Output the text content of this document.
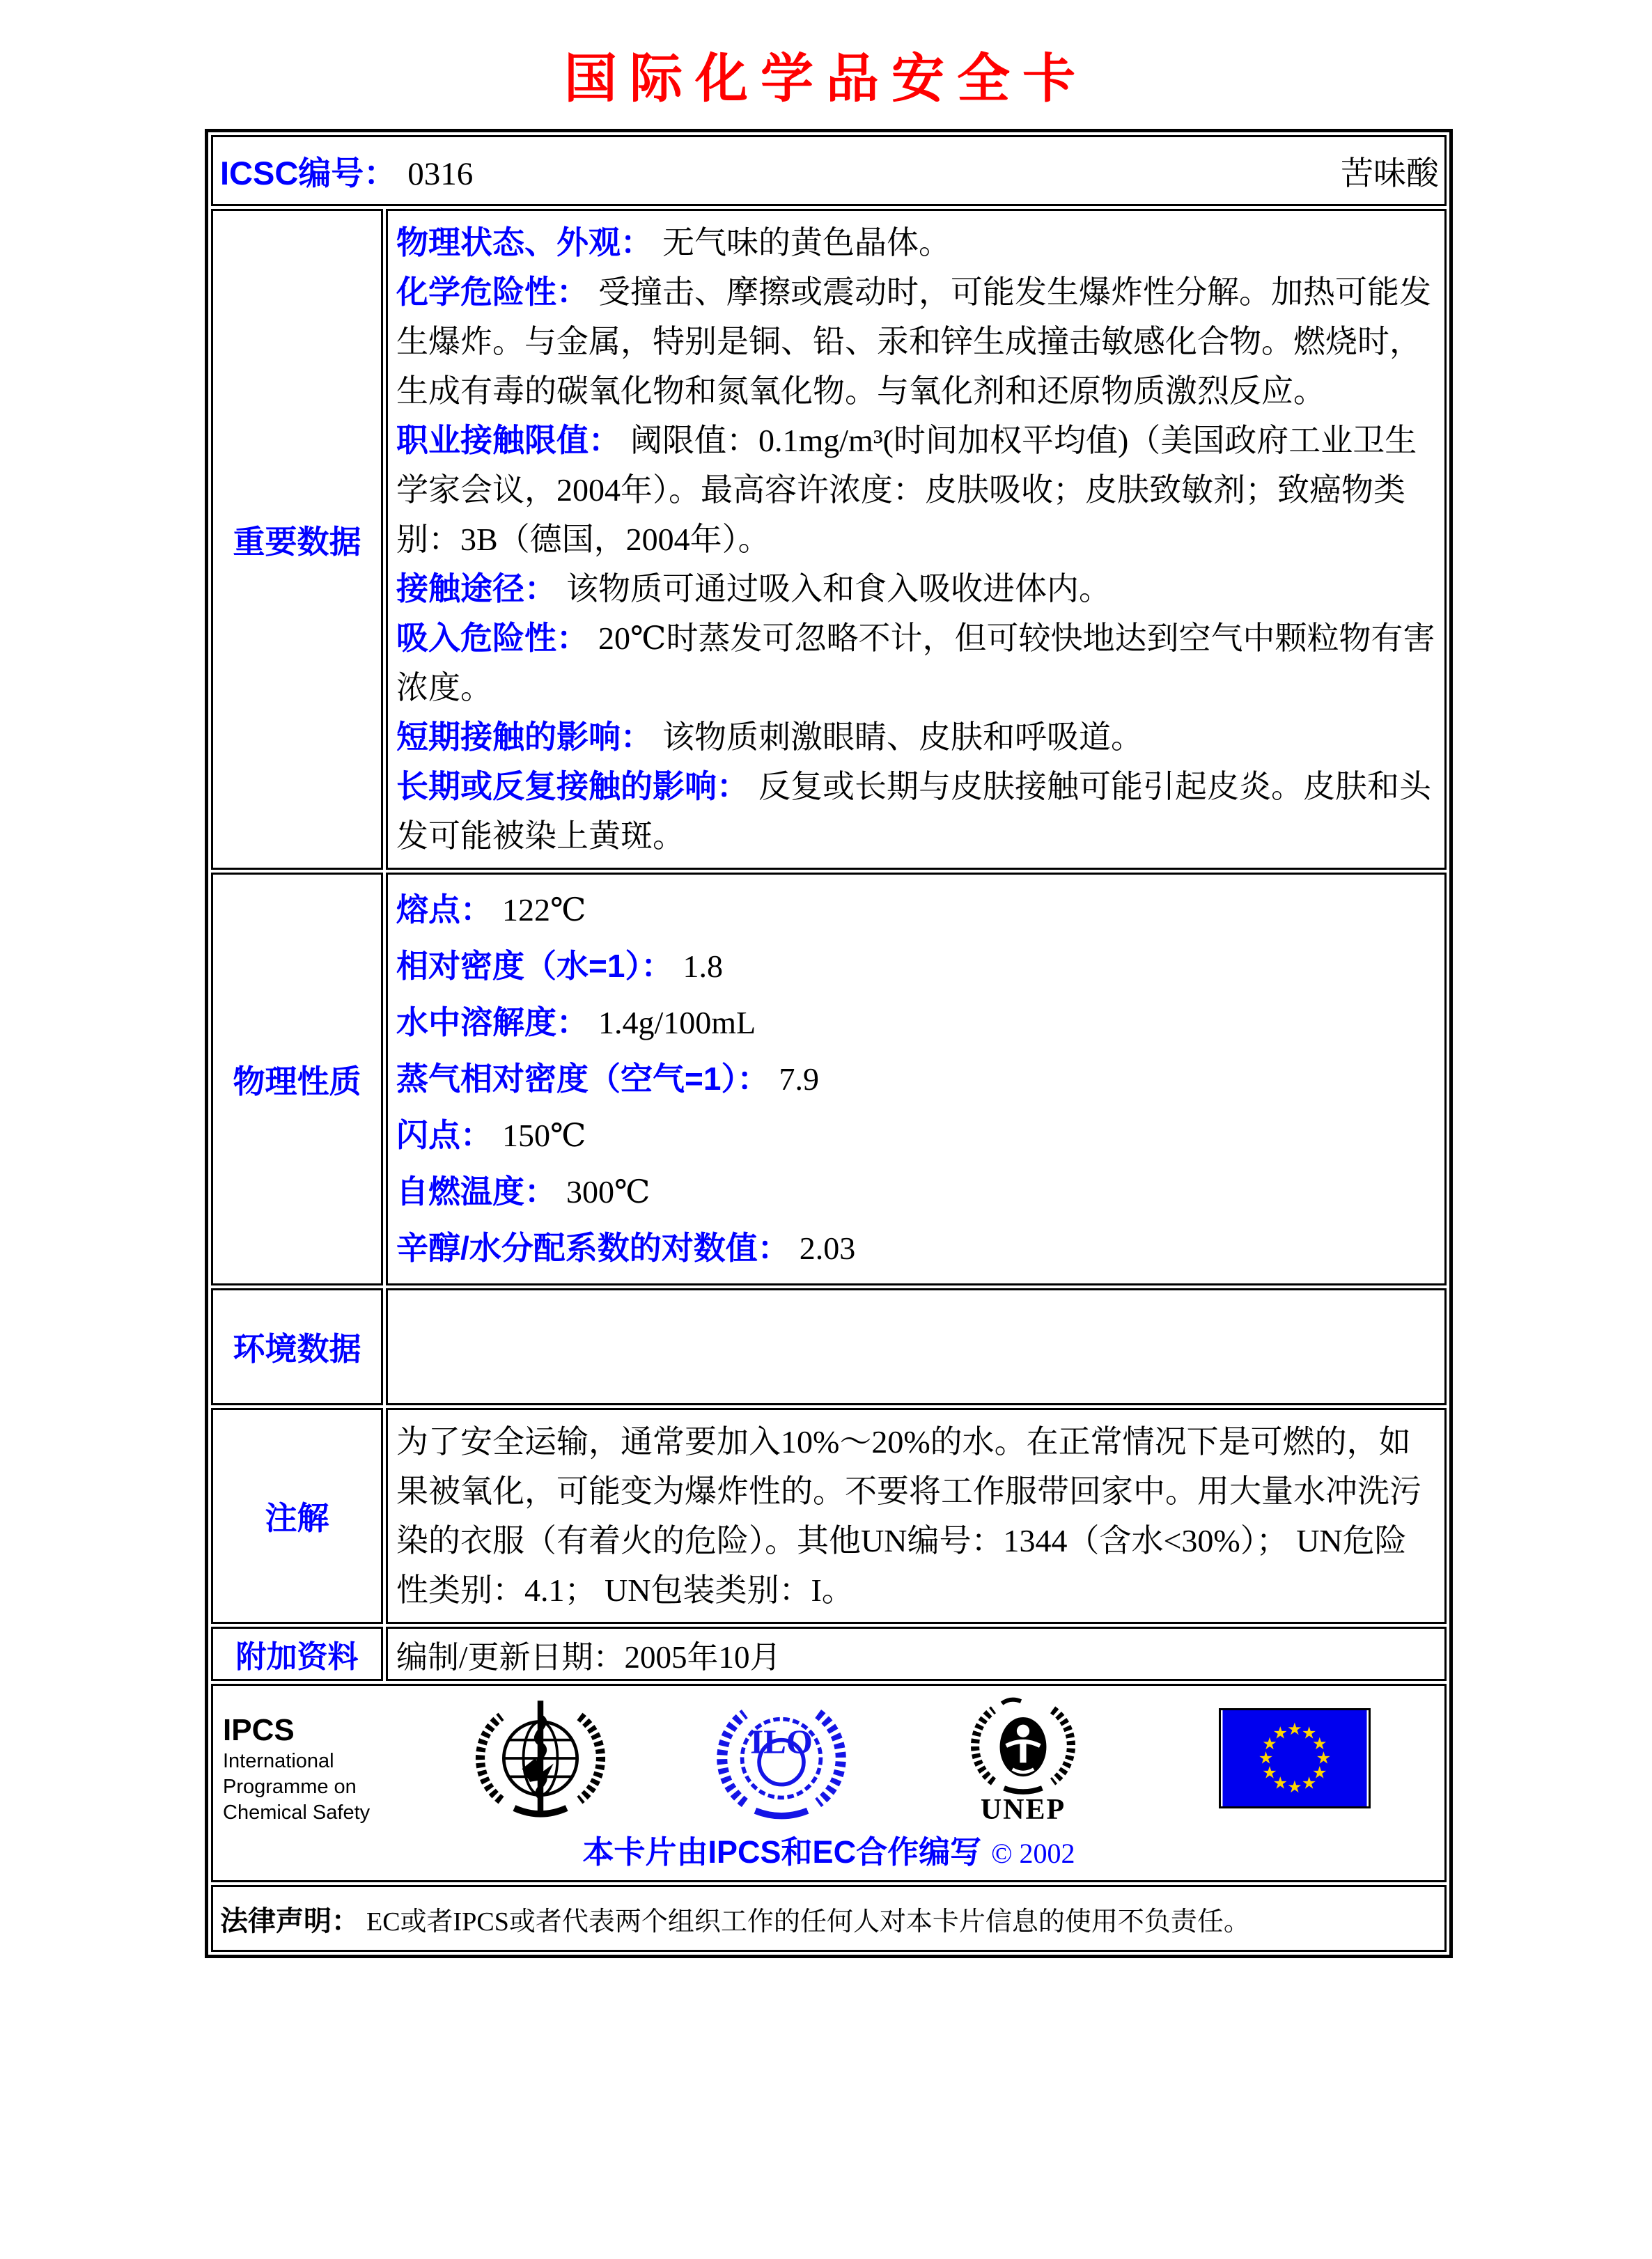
国际化学品安全卡
ICSC编号： 0316	苦味酸
重要数据
物理状态、外观： 无气味的黄色晶体。
化学危险性： 受撞击、摩擦或震动时，可能发生爆炸性分解。加热可能发生爆炸。与金属，特别是铜、铅、汞和锌生成撞击敏感化合物。燃烧时，生成有毒的碳氧化物和氮氧化物。与氧化剂和还原物质激烈反应。
职业接触限值： 阈限值：0.1mg/m³(时间加权平均值)（美国政府工业卫生学家会议，2004年）。最高容许浓度：皮肤吸收；皮肤致敏剂；致癌物类别：3B（德国，2004年）。
接触途径： 该物质可通过吸入和食入吸收进体内。
吸入危险性： 20℃时蒸发可忽略不计，但可较快地达到空气中颗粒物有害浓度。
短期接触的影响： 该物质刺激眼睛、皮肤和呼吸道。
长期或反复接触的影响： 反复或长期与皮肤接触可能引起皮炎。皮肤和头发可能被染上黄斑。
物理性质
熔点： 122℃
相对密度（水=1）： 1.8
水中溶解度： 1.4g/100mL
蒸气相对密度（空气=1）： 7.9
闪点： 150℃
自燃温度： 300℃
辛醇/水分配系数的对数值： 2.03
环境数据
注解
为了安全运输，通常要加入10%～20%的水。在正常情况下是可燃的，如果被氧化，可能变为爆炸性的。不要将工作服带回家中。用大量水冲洗污染的衣服（有着火的危险）。其他UN编号：1344（含水<30%）； UN危险性类别：4.1； UN包装类别：I。
附加资料 编制/更新日期：2005年10月
IPCS
International
Programme on
Chemical Safety
ILO
UNEP
★ ★
★
★
★
★
★
★
★
★
★
★
本卡片由IPCS和EC合作编写 © 2002
法律声明： EC或者IPCS或者代表两个组织工作的任何人对本卡片信息的使用不负责任。
